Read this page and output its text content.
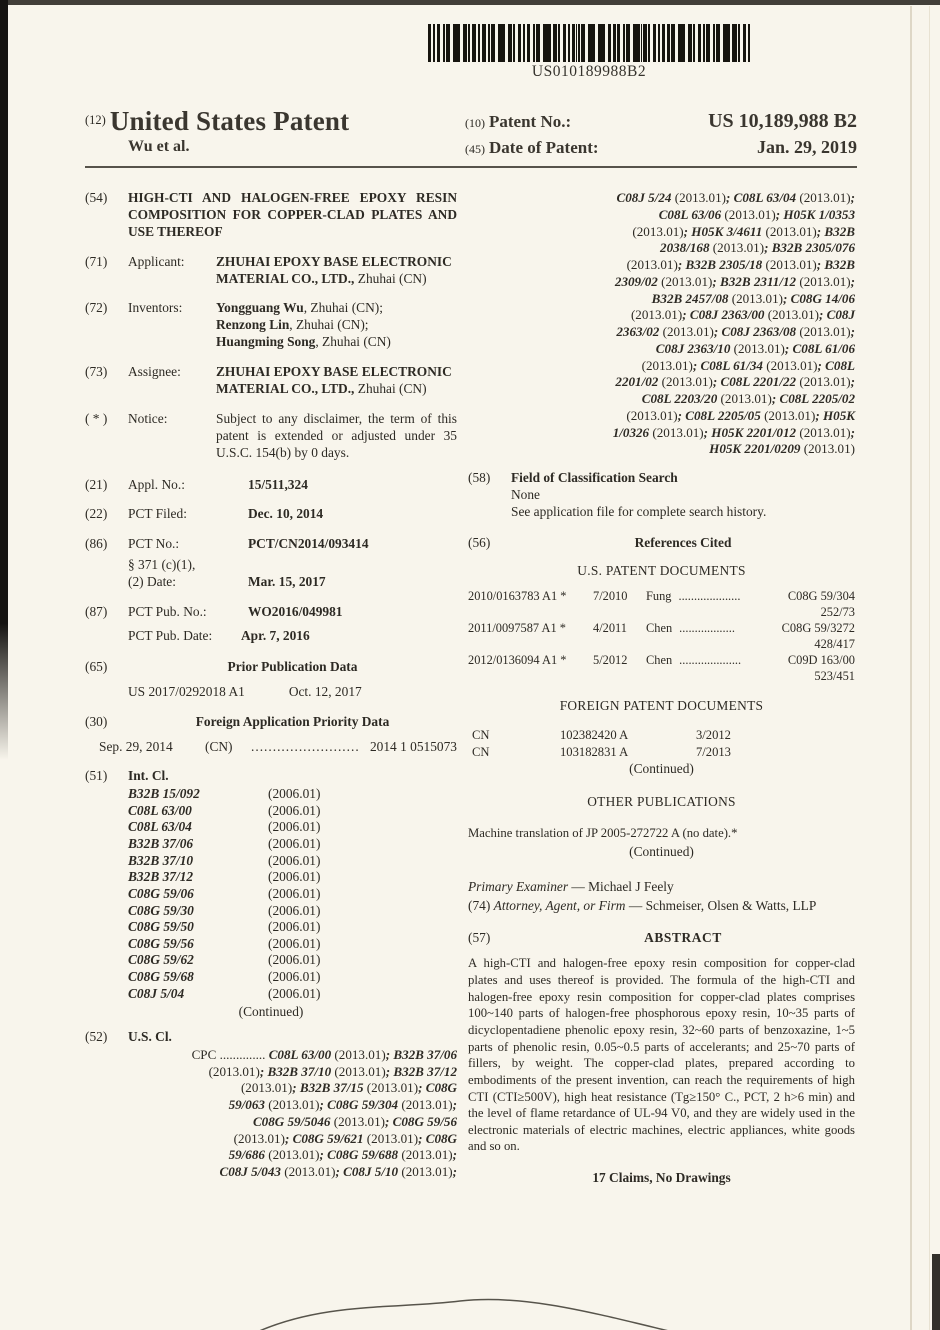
US010189988B2
$^{(12)}$ United States Patent
Wu et al.
(10) Patent No.:	US 10,189,988 B2
(45) Date of Patent:	Jan. 29, 2019
(54)	HIGH-CTI AND HALOGEN-FREE EPOXY RESIN COMPOSITION FOR COPPER-CLAD PLATES AND USE THEREOF
(71)	Applicant:	ZHUHAI EPOXY BASE ELECTRONIC MATERIAL CO., LTD., Zhuhai (CN)
(72)	Inventors:	Yongguang Wu, Zhuhai (CN);
Renzong Lin, Zhuhai (CN);
Huangming Song, Zhuhai (CN)
(73)	Assignee:	ZHUHAI EPOXY BASE ELECTRONIC MATERIAL CO., LTD., Zhuhai (CN)
( * )	Notice:	Subject to any disclaimer, the term of this patent is extended or adjusted under 35 U.S.C. 154(b) by 0 days.
(21)	Appl. No.:	15/511,324
(22)	PCT Filed:	Dec. 10, 2014
(86)	PCT No.:	PCT/CN2014/093414
§ 371 (c)(1),
(2) Date:
	Mar. 15, 2017
(87)	PCT Pub. No.:	WO2016/049981
PCT Pub. Date:	Apr. 7, 2016
(65)	Prior Publication Data
US 2017/0292018 A1	Oct. 12, 2017
(30)	Foreign Application Priority Data
Sep. 29, 2014	(CN)	......................... 2014 1 0515073
(51)	Int. Cl.
B32B 15/092	(2006.01)
C08L 63/00	(2006.01)
C08L 63/04	(2006.01)
B32B 37/06	(2006.01)
B32B 37/10	(2006.01)
B32B 37/12	(2006.01)
C08G 59/06	(2006.01)
C08G 59/30	(2006.01)
C08G 59/50	(2006.01)
C08G 59/56	(2006.01)
C08G 59/62	(2006.01)
C08G 59/68	(2006.01)
C08J 5/04	(2006.01)
(Continued)
(52)	U.S. Cl.
CPC .............. C08L 63/00 (2013.01); B32B 37/06
(2013.01); B32B 37/10 (2013.01); B32B 37/12
(2013.01); B32B 37/15 (2013.01); C08G
59/063 (2013.01); C08G 59/304 (2013.01);
C08G 59/5046 (2013.01); C08G 59/56
(2013.01); C08G 59/621 (2013.01); C08G
59/686 (2013.01); C08G 59/688 (2013.01);
C08J 5/043 (2013.01); C08J 5/10 (2013.01);
C08J 5/24 (2013.01); C08L 63/04 (2013.01);
C08L 63/06 (2013.01); H05K 1/0353
(2013.01); H05K 3/4611 (2013.01); B32B
2038/168 (2013.01); B32B 2305/076
(2013.01); B32B 2305/18 (2013.01); B32B
2309/02 (2013.01); B32B 2311/12 (2013.01);
B32B 2457/08 (2013.01); C08G 14/06
(2013.01); C08J 2363/00 (2013.01); C08J
2363/02 (2013.01); C08J 2363/08 (2013.01);
C08J 2363/10 (2013.01); C08L 61/06
(2013.01); C08L 61/34 (2013.01); C08L
2201/02 (2013.01); C08L 2201/22 (2013.01);
C08L 2203/20 (2013.01); C08L 2205/02
(2013.01); C08L 2205/05 (2013.01); H05K
1/0326 (2013.01); H05K 2201/012 (2013.01);
H05K 2201/0209 (2013.01)
(58)	Field of Classification Search
None
See application file for complete search history.
(56)	References Cited
U.S. PATENT DOCUMENTS
2010/0163783 A1 *	7/2010	Fung ....................	C08G 59/304
252/73
2011/0097587 A1 *	4/2011	Chen ..................	C08G 59/3272
428/417
2012/0136094 A1 *	5/2012	Chen ....................	C09D 163/00
523/451
FOREIGN PATENT DOCUMENTS
CN	102382420 A	3/2012
CN	103182831 A	7/2013
(Continued)
OTHER PUBLICATIONS
Machine translation of JP 2005-272722 A (no date).*
(Continued)
Primary Examiner — Michael J Feely
(74) Attorney, Agent, or Firm — Schmeiser, Olsen & Watts, LLP
(57)	ABSTRACT
A high-CTI and halogen-free epoxy resin composition for copper-clad plates and uses thereof is provided. The formula of the high-CTI and halogen-free epoxy resin composition for copper-clad plates comprises 100~140 parts of halogen-free phosphorous epoxy resin, 10~35 parts of dicyclopentadiene phenolic epoxy resin, 32~60 parts of benzoxazine, 1~5 parts of phenolic resin, 0.05~0.5 parts of accelerants; and 25~70 parts of fillers, by weight. The copper-clad plates, prepared according to embodiments of the present invention, can reach the requirements of high CTI (CTI≥500V), high heat resistance (Tg≥150° C., PCT, 2 h>6 min) and the level of flame retardance of UL-94 V0, and they are widely used in the electronic materials of electric machines, electric appliances, white goods and so on.
17 Claims, No Drawings
